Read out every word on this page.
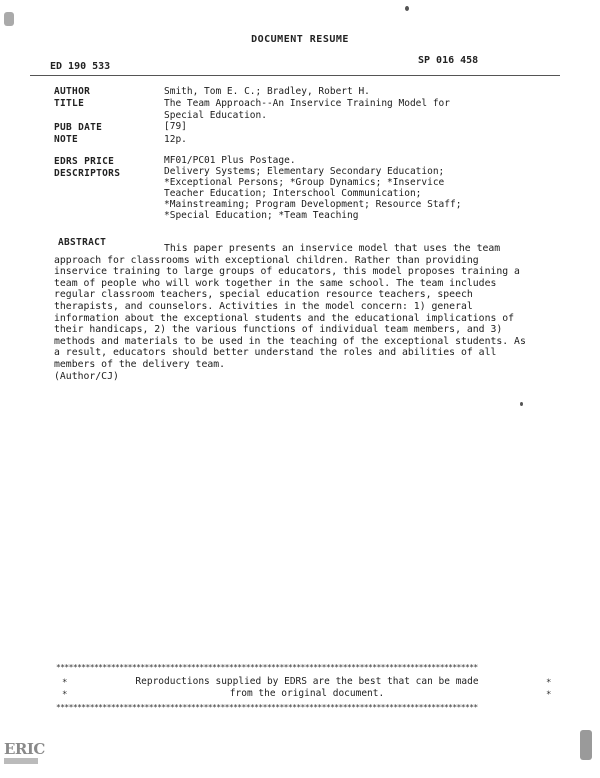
DOCUMENT RESUME
ED 190 533
SP 016 458
AUTHOR	Smith, Tom E. C.; Bradley, Robert H.
TITLE	The Team Approach--An Inservice Training Model for
Special Education.
PUB DATE	[79]
NOTE	12p.
EDRS PRICE	MF01/PC01 Plus Postage.
DESCRIPTORS	Delivery Systems; Elementary Secondary Education;
*Exceptional Persons; *Group Dynamics; *Inservice
Teacher Education; Interschool Communication;
*Mainstreaming; Program Development; Resource Staff;
*Special Education; *Team Teaching
ABSTRACT

This paper presents an inservice model that uses the team approach for classrooms with exceptional children. Rather than providing inservice training to large groups of educators, this model proposes training a team of people who will work together in the same school. The team includes regular classroom teachers, special education resource teachers, speech therapists, and counselors. Activities in the model concern: 1) general information about the exceptional students and the educational implications of their handicaps, 2) the various functions of individual team members, and 3) methods and materials to be used in the teaching of the exceptional students. As a result, educators should better understand the roles and abilities of all members of the delivery team.

(Author/CJ)

****************************************************************************************************
*
*
*
*
Reproductions supplied by EDRS are the best that can be made
from the original document.
****************************************************************************************************
ERIC
